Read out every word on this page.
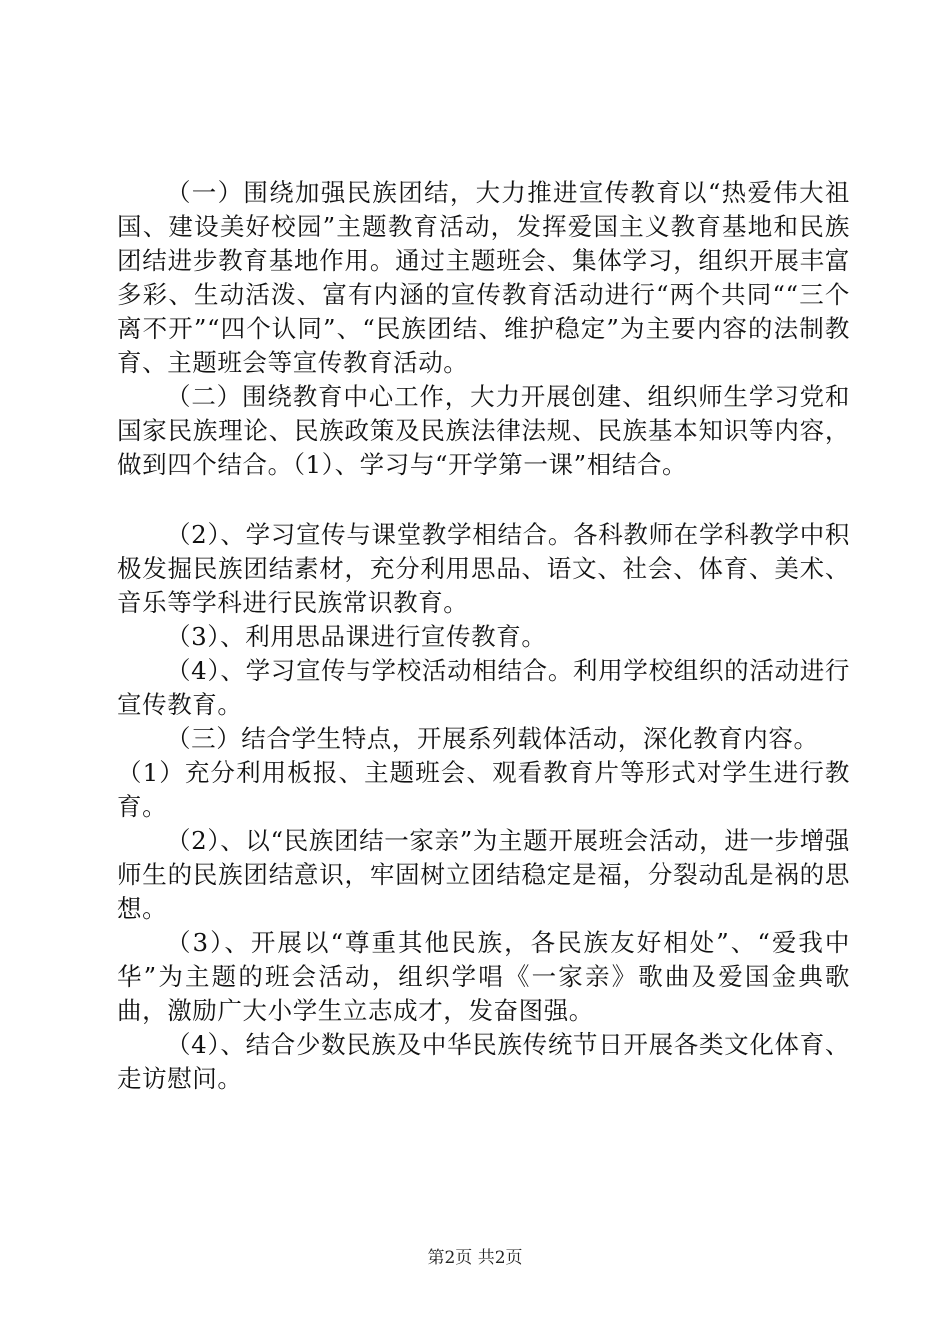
（一）围绕加强民族团结，大力推进宣传教育以“热爱伟大祖国、建设美好校园”主题教育活动，发挥爱国主义教育基地和民族团结进步教育基地作用。通过主题班会、集体学习，组织开展丰富多彩、生动活泼、富有内涵的宣传教育活动进行“两个共同““三个离不开”“四个认同”、“民族团结、维护稳定”为主要内容的法制教育、主题班会等宣传教育活动。

（二）围绕教育中心工作，大力开展创建、组织师生学习党和国家民族理论、民族政策及民族法律法规、民族基本知识等内容，做到四个结合。（1）、学习与“开学第一课”相结合。

（2）、学习宣传与课堂教学相结合。各科教师在学科教学中积极发掘民族团结素材，充分利用思品、语文、社会、体育、美术、音乐等学科进行民族常识教育。

（3）、利用思品课进行宣传教育。

（4）、学习宣传与学校活动相结合。利用学校组织的活动进行宣传教育。

（三）结合学生特点，开展系列载体活动，深化教育内容。

（1）充分利用板报、主题班会、观看教育片等形式对学生进行教育。

（2）、以“民族团结一家亲”为主题开展班会活动，进一步增强师生的民族团结意识，牢固树立团结稳定是福，分裂动乱是祸的思想。

（3）、开展以“尊重其他民族，各民族友好相处”、“爱我中华”为主题的班会活动，组织学唱《一家亲》歌曲及爱国金典歌曲，激励广大小学生立志成才，发奋图强。

（4）、结合少数民族及中华民族传统节日开展各类文化体育、走访慰问。

第2页 共2页
